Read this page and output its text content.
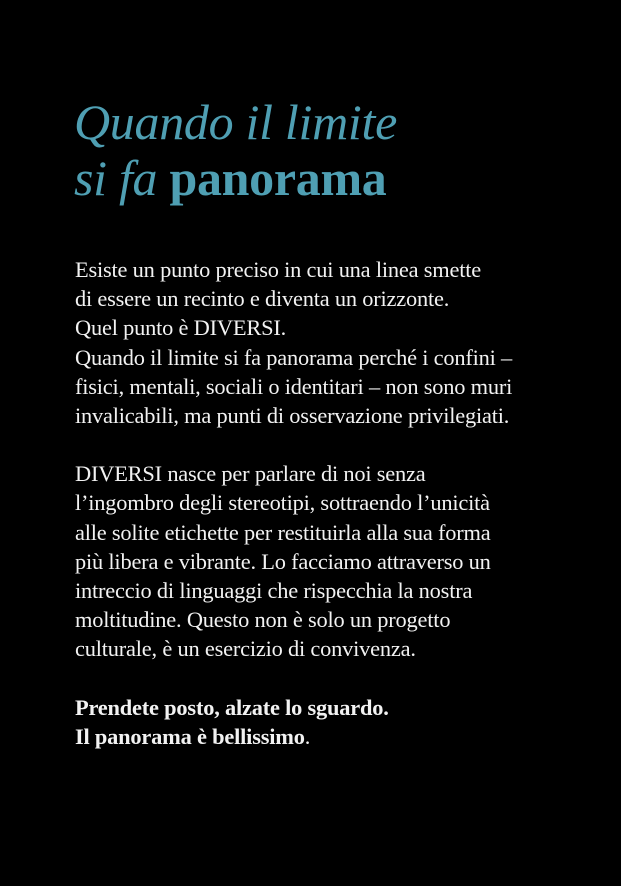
Quando il limite
si fa panorama

Esiste un punto preciso in cui una linea smette
di essere un recinto e diventa un orizzonte.
Quel punto è DIVERSI.
Quando il limite si fa panorama perché i confini –
fisici, mentali, sociali o identitari – non sono muri
invalicabili, ma punti di osservazione privilegiati.

DIVERSI nasce per parlare di noi senza
l’ingombro degli stereotipi, sottraendo l’unicità
alle solite etichette per restituirla alla sua forma
più libera e vibrante. Lo facciamo attraverso un
intreccio di linguaggi che rispecchia la nostra
moltitudine. Questo non è solo un progetto
culturale, è un esercizio di convivenza.

Prendete posto, alzate lo sguardo.
Il panorama è bellissimo.
